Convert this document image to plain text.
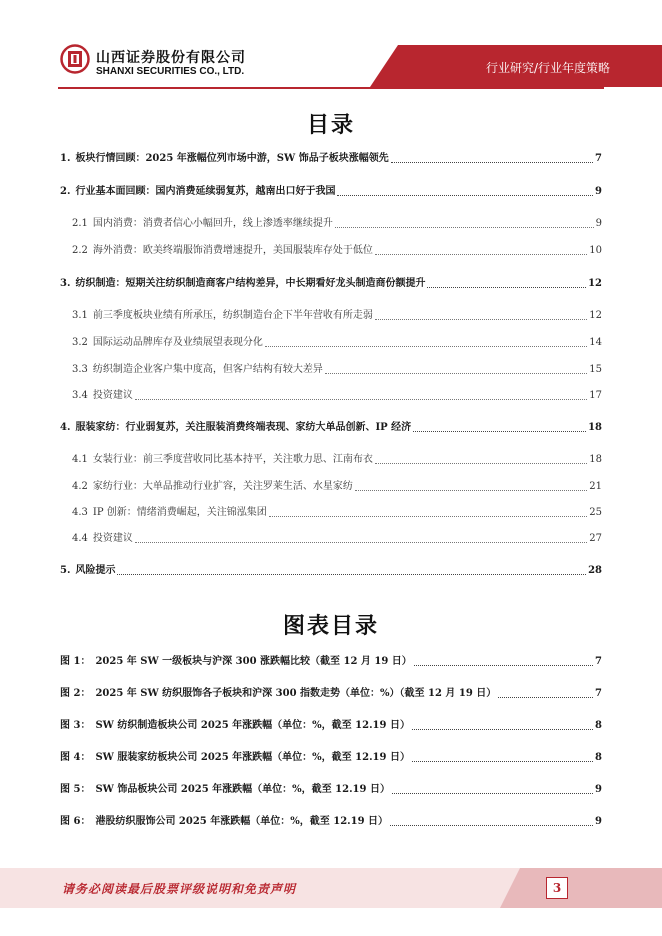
山西证券股份有限公司
SHANXI SECURITIES CO., LTD.	行业研究/行业年度策略
目录
1. 板块行情回顾：2025 年涨幅位列市场中游，SW 饰品子板块涨幅领先	7
2. 行业基本面回顾：国内消费延续弱复苏，越南出口好于我国	9
2.1 国内消费：消费者信心小幅回升，线上渗透率继续提升	9
2.2 海外消费：欧美终端服饰消费增速提升，美国服装库存处于低位	10
3. 纺织制造：短期关注纺织制造商客户结构差异，中长期看好龙头制造商份额提升	12
3.1 前三季度板块业绩有所承压，纺织制造台企下半年营收有所走弱	12
3.2 国际运动品牌库存及业绩展望表现分化	14
3.3 纺织制造企业客户集中度高，但客户结构有较大差异	15
3.4 投资建议	17
4. 服装家纺：行业弱复苏，关注服装消费终端表现、家纺大单品创新、IP 经济	18
4.1 女装行业：前三季度营收同比基本持平，关注歌力思、江南布衣	18
4.2 家纺行业：大单品推动行业扩容，关注罗莱生活、水星家纺	21
4.3 IP 创新：情绪消费崛起，关注锦泓集团	25
4.4 投资建议	27
5. 风险提示	28
图表目录
图 1： 2025 年 SW 一级板块与沪深 300 涨跌幅比较（截至 12 月 19 日）	7
图 2： 2025 年 SW 纺织服饰各子板块和沪深 300 指数走势（单位：%）（截至 12 月 19 日）	7
图 3： SW 纺织制造板块公司 2025 年涨跌幅（单位：%，截至 12.19 日）	8
图 4： SW 服装家纺板块公司 2025 年涨跌幅（单位：%，截至 12.19 日）	8
图 5： SW 饰品板块公司 2025 年涨跌幅（单位：%，截至 12.19 日）	9
图 6： 港股纺织服饰公司 2025 年涨跌幅（单位：%，截至 12.19 日）	9
请务必阅读最后股票评级说明和免责声明	3
